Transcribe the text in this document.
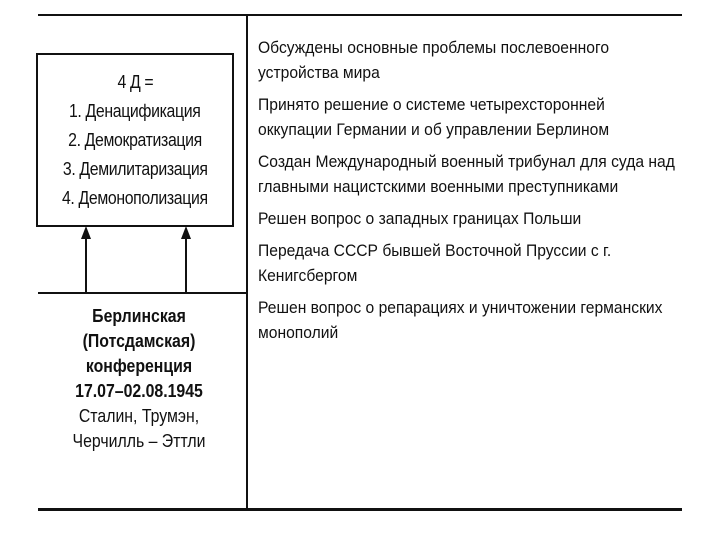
4 Д =
1. Денацификация
2. Демократизация
3. Демилитаризация
4. Демонополизация
Берлинская
(Потсдамская)
конференция
17.07–02.08.1945
Сталин, Трумэн,
Черчилль – Эттли
Обсуждены основные проблемы послевоенного устройства мира
Принято решение о системе четырехсторонней оккупации Германии и об управлении Берлином
Создан Международный военный трибунал для суда над главными нацистскими военными преступниками
Решен вопрос о западных границах Польши
Передача СССР бывшей Восточной Пруссии с г. Кенигсбергом
Решен вопрос о репарациях и уничтожении германских монополий
